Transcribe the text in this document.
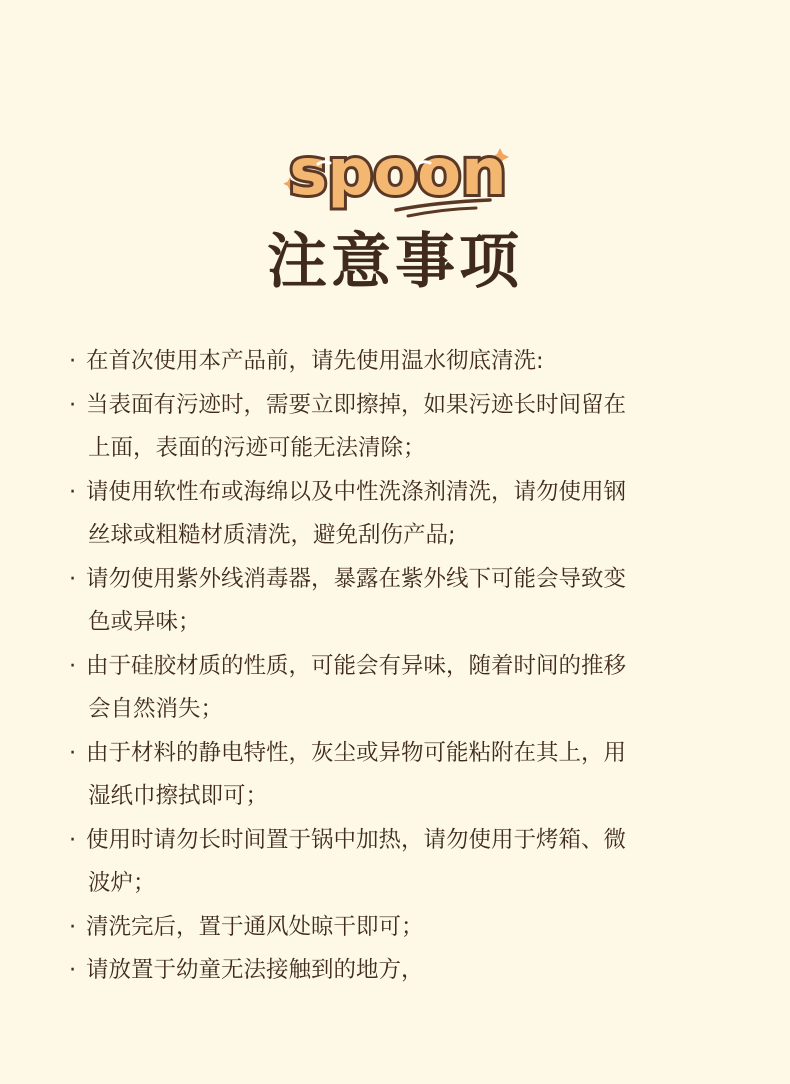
spoon
注意事项
· 在首次使用本产品前，请先使用温水彻底清洗:
· 当表面有污迹时，需要立即擦掉，如果污迹长时间留在
上面，表面的污迹可能无法清除；
· 请使用软性布或海绵以及中性洗涤剂清洗，请勿使用钢
丝球或粗糙材质清洗，避免刮伤产品;
· 请勿使用紫外线消毒器，暴露在紫外线下可能会导致变
色或异味；
· 由于硅胶材质的性质，可能会有异味，随着时间的推移
会自然消失；
· 由于材料的静电特性，灰尘或异物可能粘附在其上，用
湿纸巾擦拭即可；
· 使用时请勿长时间置于锅中加热，请勿使用于烤箱、微
波炉；
· 清洗完后，置于通风处晾干即可；
· 请放置于幼童无法接触到的地方，
